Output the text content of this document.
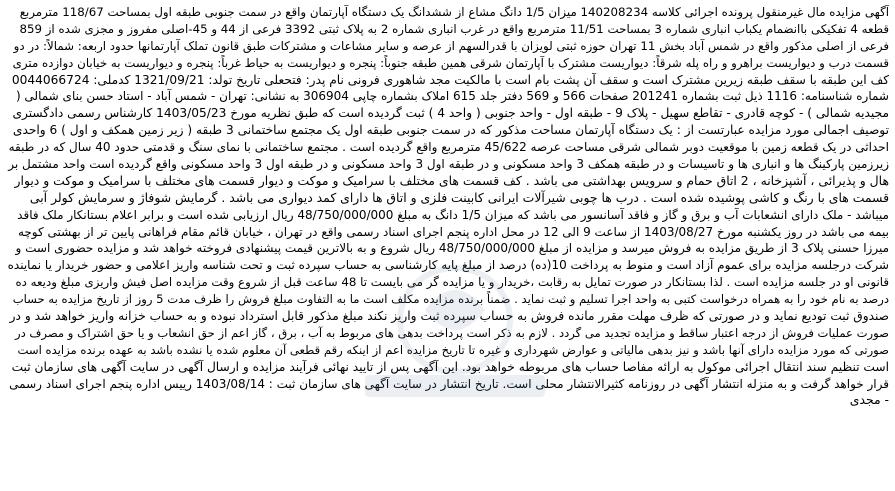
آگهی مزایده مال غیرمنقول پرونده اجرائی کلاسه 140208234 میزان 1/5 دانگ مشاع از ششدانگ یک دستگاه آپارتمان واقع در سمت جنوبی طبقه اول بمساحت 118/67 مترمربع
قطعه 4 تفکیکی باانضمام یکباب انباری شماره 3 بمساحت 11/51 مترمربع واقع در غرب انباری شماره 2 به پلاک ثبتی 3392 فرعی از 44 و 45-اصلی مفروز و مجزی شده از 859
فرعی از اصلی مذکور واقع در شمس آباد بخش 11 تهران حوزه ثبتی لویزان با قدرالسهم از عرصه و سایر مشاعات و مشترکات طبق قانون تملک آپارتمانها حدود اربعه: شمالاً: در دو
قسمت درب و دیواریست براهرو و راه پله شرقاً: دیواریست مشترک با آپارتمان شرقی همین طبقه جنوباً: پنجره و دیواریست به حیاط غرباً: پنجره و دیواریست به خیابان دوازده متری
کف این طبقه با سقف طبقه زیرین مشترک است و سقف آن پشت بام است با مالکیت مجد شاهوری فرونی نام پدر: فتحعلی تاریخ تولد: 1321/09/21 کدملی: 0044066724
شماره شناسنامه: 1116 ذیل ثبت بشماره 201241 صفحات 566 و 569 دفتر جلد 615 املاک بشماره چاپی 306904 به نشانی: تهران - شمس آباد - استاد حسن بنای شمالی (
مجیدیه شمالی ) - کوچه قادری - تقاطع سهیل - پلاک 9 - طبقه اول - واحد جنوبی ( واحد 4 ) ثبت گردیده است که طبق نظریه مورخ 1403/05/23 کارشناس رسمی دادگستری
توصیف اجمالی مورد مزایده عبارتست از : یک دستگاه آپارتمان مساحت مذکور که در سمت جنوبی طبقه اول یک مجتمع ساختمانی 3 طبقه ( زیر زمین همکف و اول ) 6 واحدی
احداثی در یک قطعه زمین با موقعیت دوبر شمالی شرقی مساحت عرصه 45/622 مترمربع واقع گردیده است . مجتمع ساختمانی با نمای سنگ و قدمتی حدود 40 سال که در طبقه
زیرزمین پارکینگ ها و انباری ها و تاسیسات و در طبقه همکف 3 واحد مسکونی و در طبقه اول 3 واحد مسکونی و در طبقه اول 3 واحد مسکونی واقع گردیده است واحد مشتمل بر
هال و پذیرائی ، آشپزخانه ، 2 اتاق حمام و سرویس بهداشتی می باشد . کف قسمت های مختلف با سرامیک و موکت و دیوار قسمت های مختلف با سرامیک و موکت و دیوار
قسمت های با رنگ و کاشی پوشیده شده است . درب ها چوبی شیرآلات ایرانی کابینت فلزی و اتاق ها دارای کمد دیواری می باشد . گرمایش شوفاژ و سرمایش کولر آبی
میباشد - ملک دارای انشعابات آب و برق و گاز و فاقد آسانسور می باشد که میزان 1/5 دانگ به مبلغ 48/750/000/000 ریال ارزیابی شده است و برابر اعلام بستانکار ملک فاقد
بیمه می باشد در روز یکشنبه مورخ 1403/08/27 از ساعت 9 الی 12 در محل اداره پنجم اجرای اسناد رسمی واقع در تهران ، خیابان قائم مقام فراهانی پایین تر از بهشتی کوچه
میرزا حسنی پلاک 3 از طریق مزایده به فروش میرسد و مزایده از مبلغ 48/750/000/000 ریال شروع و به بالاترین قیمت پیشنهادی فروخته خواهد شد و مزایده حضوری است و
شرکت درجلسه مزایده برای عموم آزاد است و منوط به پرداخت 10(ده) درصد از مبلغ پایه کارشناسی به حساب سپرده ثبت و تحت شناسه واریز اعلامی و حضور خریدار یا نماینده
قانونی او در جلسه مزایده است . لذا بستانکار در صورت تمایل به رقابت ،خریدار و یا مزایده گر می بایست تا 48 ساعت قبل از شروع وقت مزایده اصل فیش واریزی مبلغ ودیعه ده
درصد به نام خود را به همراه درخواست کتبی به واحد اجرا تسلیم و ثبت نماید . ضمناً برنده مزایده مکلف است ما به التفاوت مبلغ فروش را ظرف مدت 5 روز از تاریخ مزایده به حساب
صندوق ثبت تودیع نماید و در صورتی که ظرف مهلت مقرر مانده فروش به حساب سپرده ثبت واریز نکند مبلغ مذکور قابل استرداد نبوده و به حساب خزانه واریز خواهد شد و در
صورت عملیات فروش از درجه اعتبار ساقط و مزایده تجدید می گردد . لازم به ذکر است پرداخت بدهی های مربوط به آب ، برق ، گاز اعم از حق انشعاب و یا حق اشتراک و مصرف در
صورتی که مورد مزایده دارای آنها باشد و نیز بدهی مالیاتی و عوارض شهرداری و غیره تا تاریخ مزایده اعم از اینکه رقم قطعی آن معلوم شده یا نشده باشد به عهده برنده مزایده است
است تنظیم سند انتقال اجرائی موکول به ارائه مفاصا حساب های مربوطه خواهد بود. این آگهی پس از تایید نهائی فرآیند مزایده و ارسال آگهی در سایت آگهی های سازمان ثبت
قرار خواهد گرفت و به منزله انتشار آگهی در روزنامه کثیرالانتشار محلی است. تاریخ انتشار در سایت آگهی های سازمان ثبت : 1403/08/14 رییس اداره پنجم اجرای اسناد رسمی
- مجدی
